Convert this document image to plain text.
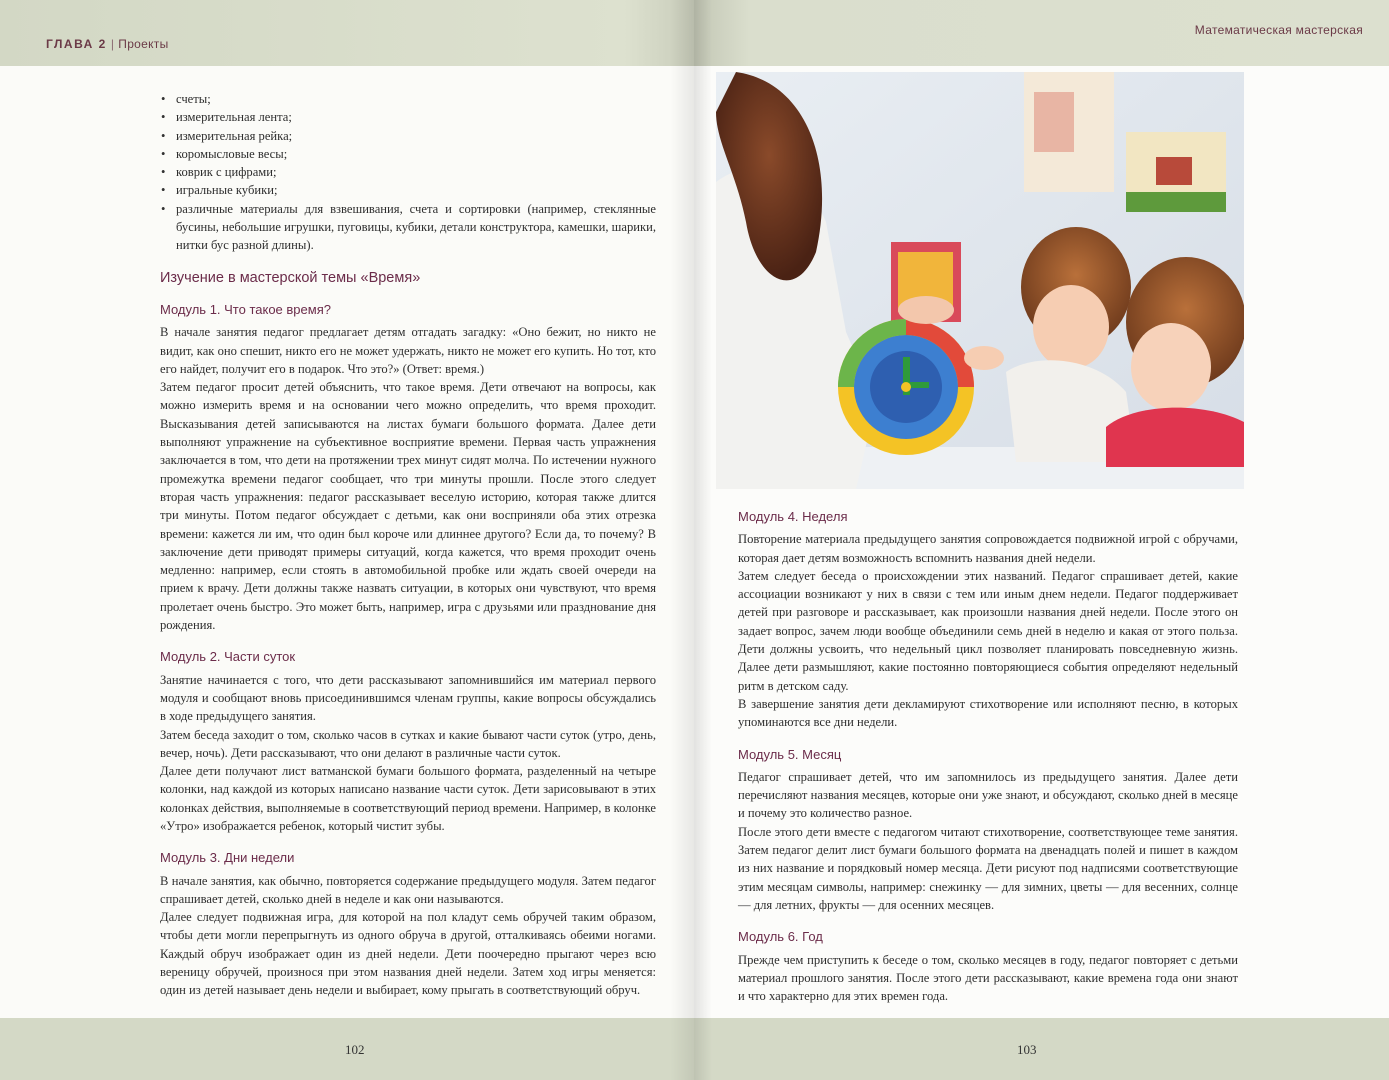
ГЛАВА 2 | Проекты
• счеты;
• измерительная лента;
• измерительная рейка;
• коромысловые весы;
• коврик с цифрами;
• игральные кубики;
• различные материалы для взвешивания, счета и сортировки (например, стеклянные бусины, небольшие игрушки, пуговицы, кубики, детали конструктора, камешки, шарики, нитки бус разной длины).
Изучение в мастерской темы «Время»
Модуль 1. Что такое время?

В начале занятия педагог предлагает детям отгадать загадку: «Оно бежит, но никто не видит, как оно спешит, никто его не может удержать, никто не может его купить. Но тот, кто его найдет, получит его в подарок. Что это?» (Ответ: время.)

Затем педагог просит детей объяснить, что такое время. Дети отвечают на вопросы, как можно измерить время и на основании чего можно определить, что время проходит. Высказывания детей записываются на листах бумаги большого формата. Далее дети выполняют упражнение на субъективное восприятие времени. Первая часть упражнения заключается в том, что дети на протяжении трех минут сидят молча. По истечении нужного промежутка времени педагог сообщает, что три минуты прошли. После этого следует вторая часть упражнения: педагог рассказывает веселую историю, которая также длится три минуты. Потом педагог обсуждает с детьми, как они восприняли оба этих отрезка времени: кажется ли им, что один был короче или длиннее другого? Если да, то почему? В заключение дети приводят примеры ситуаций, когда кажется, что время проходит очень медленно: например, если стоять в автомобильной пробке или ждать своей очереди на прием к врачу. Дети должны также назвать ситуации, в которых они чувствуют, что время пролетает очень быстро. Это может быть, например, игра с друзьями или празднование дня рождения.

Модуль 2. Части суток

Занятие начинается с того, что дети рассказывают запомнившийся им материал первого модуля и сообщают вновь присоединившимся членам группы, какие вопросы обсуждались в ходе предыдущего занятия.

Затем беседа заходит о том, сколько часов в сутках и какие бывают части суток (утро, день, вечер, ночь). Дети рассказывают, что они делают в различные части суток.

Далее дети получают лист ватманской бумаги большого формата, разделенный на четыре колонки, над каждой из которых написано название части суток. Дети зарисовывают в этих колонках действия, выполняемые в соответствующий период времени. Например, в колонке «Утро» изображается ребенок, который чистит зубы.

Модуль 3. Дни недели

В начале занятия, как обычно, повторяется содержание предыдущего модуля. Затем педагог спрашивает детей, сколько дней в неделе и как они называются.

Далее следует подвижная игра, для которой на пол кладут семь обручей таким образом, чтобы дети могли перепрыгнуть из одного обруча в другой, отталкиваясь обеими ногами. Каждый обруч изображает один из дней недели. Дети поочередно прыгают через всю вереницу обручей, произнося при этом названия дней недели. Затем ход игры меняется: один из детей называет день недели и выбирает, кому прыгать в соответствующий обруч.

102
Математическая мастерская
103
Модуль 4. Неделя

Повторение материала предыдущего занятия сопровождается подвижной игрой с обручами, которая дает детям возможность вспомнить названия дней недели.

Затем следует беседа о происхождении этих названий. Педагог спрашивает детей, какие ассоциации возникают у них в связи с тем или иным днем недели. Педагог поддерживает детей при разговоре и рассказывает, как произошли названия дней недели. После этого он задает вопрос, зачем люди вообще объединили семь дней в неделю и какая от этого польза. Дети должны усвоить, что недельный цикл позволяет планировать повседневную жизнь. Далее дети размышляют, какие постоянно повторяющиеся события определяют недельный ритм в детском саду.

В завершение занятия дети декламируют стихотворение или исполняют песню, в которых упоминаются все дни недели.

Модуль 5. Месяц

Педагог спрашивает детей, что им запомнилось из предыдущего занятия. Далее дети перечисляют названия месяцев, которые они уже знают, и обсуждают, сколько дней в месяце и почему это количество разное.

После этого дети вместе с педагогом читают стихотворение, соответствующее теме занятия. Затем педагог делит лист бумаги большого формата на двенадцать полей и пишет в каждом из них название и порядковый номер месяца. Дети рисуют под надписями соответствующие этим месяцам символы, например: снежинку — для зимних, цветы — для весенних, солнце — для летних, фрукты — для осенних месяцев.

Модуль 6. Год

Прежде чем приступить к беседе о том, сколько месяцев в году, педагог повторяет с детьми материал прошлого занятия. После этого дети рассказывают, какие времена года они знают и что характерно для этих времен года.
